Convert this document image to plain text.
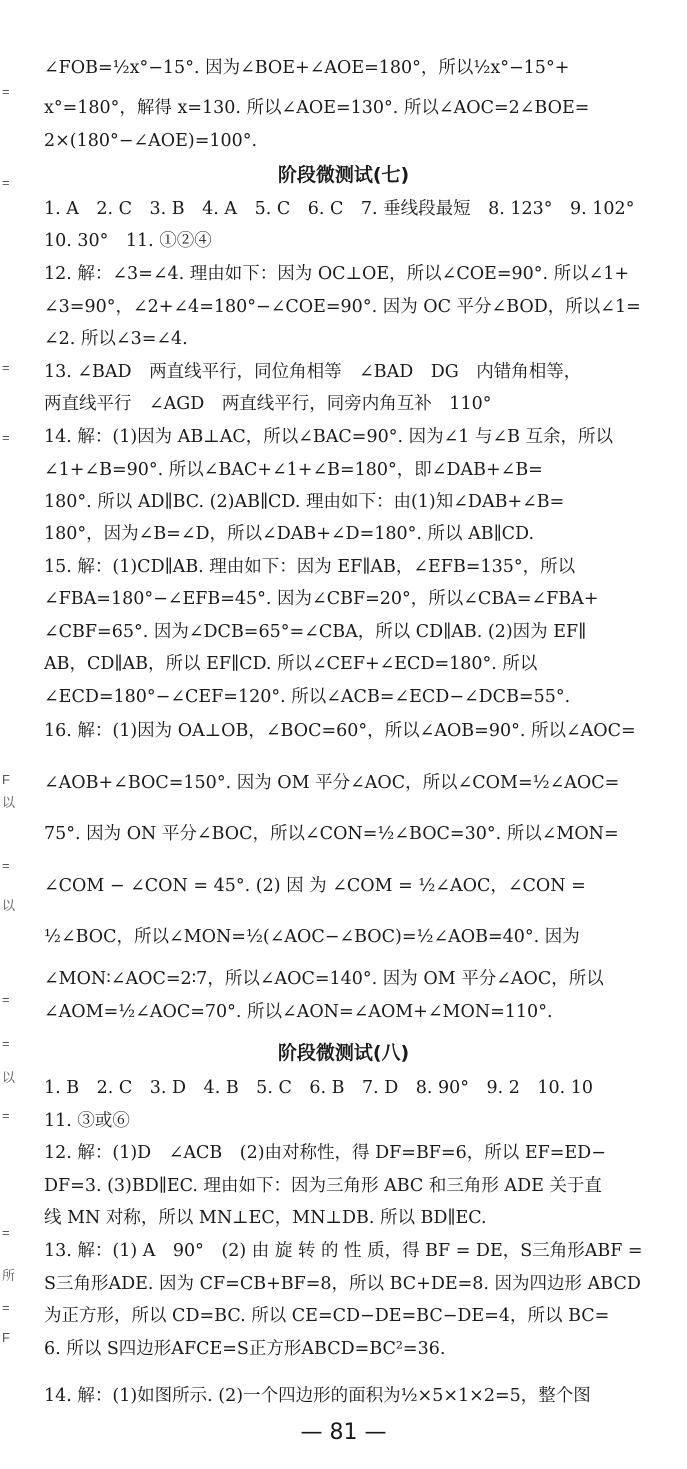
∠FOB=½x°−15°. 因为∠BOE+∠AOE=180°，所以½x°−15°+
x°=180°，解得 x=130. 所以∠AOE=130°. 所以∠AOC=2∠BOE=
2×(180°−∠AOE)=100°.
阶段微测试(七)
1. A　2. C　3. B　4. A　5. C　6. C　7. 垂线段最短　8. 123°　9. 102°
10. 30°　11. ①②④
12. 解：∠3=∠4. 理由如下：因为 OC⊥OE，所以∠COE=90°. 所以∠1+
∠3=90°，∠2+∠4=180°−∠COE=90°. 因为 OC 平分∠BOD，所以∠1=
∠2. 所以∠3=∠4.
13. ∠BAD　两直线平行，同位角相等　∠BAD　DG　内错角相等，
两直线平行　∠AGD　两直线平行，同旁内角互补　110°
14. 解：(1)因为 AB⊥AC，所以∠BAC=90°. 因为∠1 与∠B 互余，所以
∠1+∠B=90°. 所以∠BAC+∠1+∠B=180°，即∠DAB+∠B=
180°. 所以 AD∥BC. (2)AB∥CD. 理由如下：由(1)知∠DAB+∠B=
180°，因为∠B=∠D，所以∠DAB+∠D=180°. 所以 AB∥CD.
15. 解：(1)CD∥AB. 理由如下：因为 EF∥AB，∠EFB=135°，所以
∠FBA=180°−∠EFB=45°. 因为∠CBF=20°，所以∠CBA=∠FBA+
∠CBF=65°. 因为∠DCB=65°=∠CBA，所以 CD∥AB. (2)因为 EF∥
AB，CD∥AB，所以 EF∥CD. 所以∠CEF+∠ECD=180°. 所以
∠ECD=180°−∠CEF=120°. 所以∠ACB=∠ECD−∠DCB=55°.
16. 解：(1)因为 OA⊥OB，∠BOC=60°，所以∠AOB=90°. 所以∠AOC=
∠AOB+∠BOC=150°. 因为 OM 平分∠AOC，所以∠COM=½∠AOC=
75°. 因为 ON 平分∠BOC，所以∠CON=½∠BOC=30°. 所以∠MON=
∠COM − ∠CON = 45°. (2) 因 为 ∠COM = ½∠AOC，∠CON =
½∠BOC，所以∠MON=½(∠AOC−∠BOC)=½∠AOB=40°. 因为
∠MON∶∠AOC=2∶7，所以∠AOC=140°. 因为 OM 平分∠AOC，所以
∠AOM=½∠AOC=70°. 所以∠AON=∠AOM+∠MON=110°.
阶段微测试(八)
1. B　2. C　3. D　4. B　5. C　6. B　7. D　8. 90°　9. 2　10. 10
11. ③或⑥
12. 解：(1)D　∠ACB　(2)由对称性，得 DF=BF=6，所以 EF=ED−
DF=3. (3)BD∥EC. 理由如下：因为三角形 ABC 和三角形 ADE 关于直
线 MN 对称，所以 MN⊥EC，MN⊥DB. 所以 BD∥EC.
13. 解：(1) A　90°　(2) 由 旋 转 的 性 质，得 BF = DE，S三角形ABF =
S三角形ADE. 因为 CF=CB+BF=8，所以 BC+DE=8. 因为四边形 ABCD
为正方形，所以 CD=BC. 所以 CE=CD−DE=BC−DE=4，所以 BC=
6. 所以 S四边形AFCE=S正方形ABCD=BC²=36.
14. 解：(1)如图所示. (2)一个四边形的面积为½×5×1×2=5，整个图
— 81 —
=
=
=
=
F
以
=
以
=
=
以
=
=
所
=
F
